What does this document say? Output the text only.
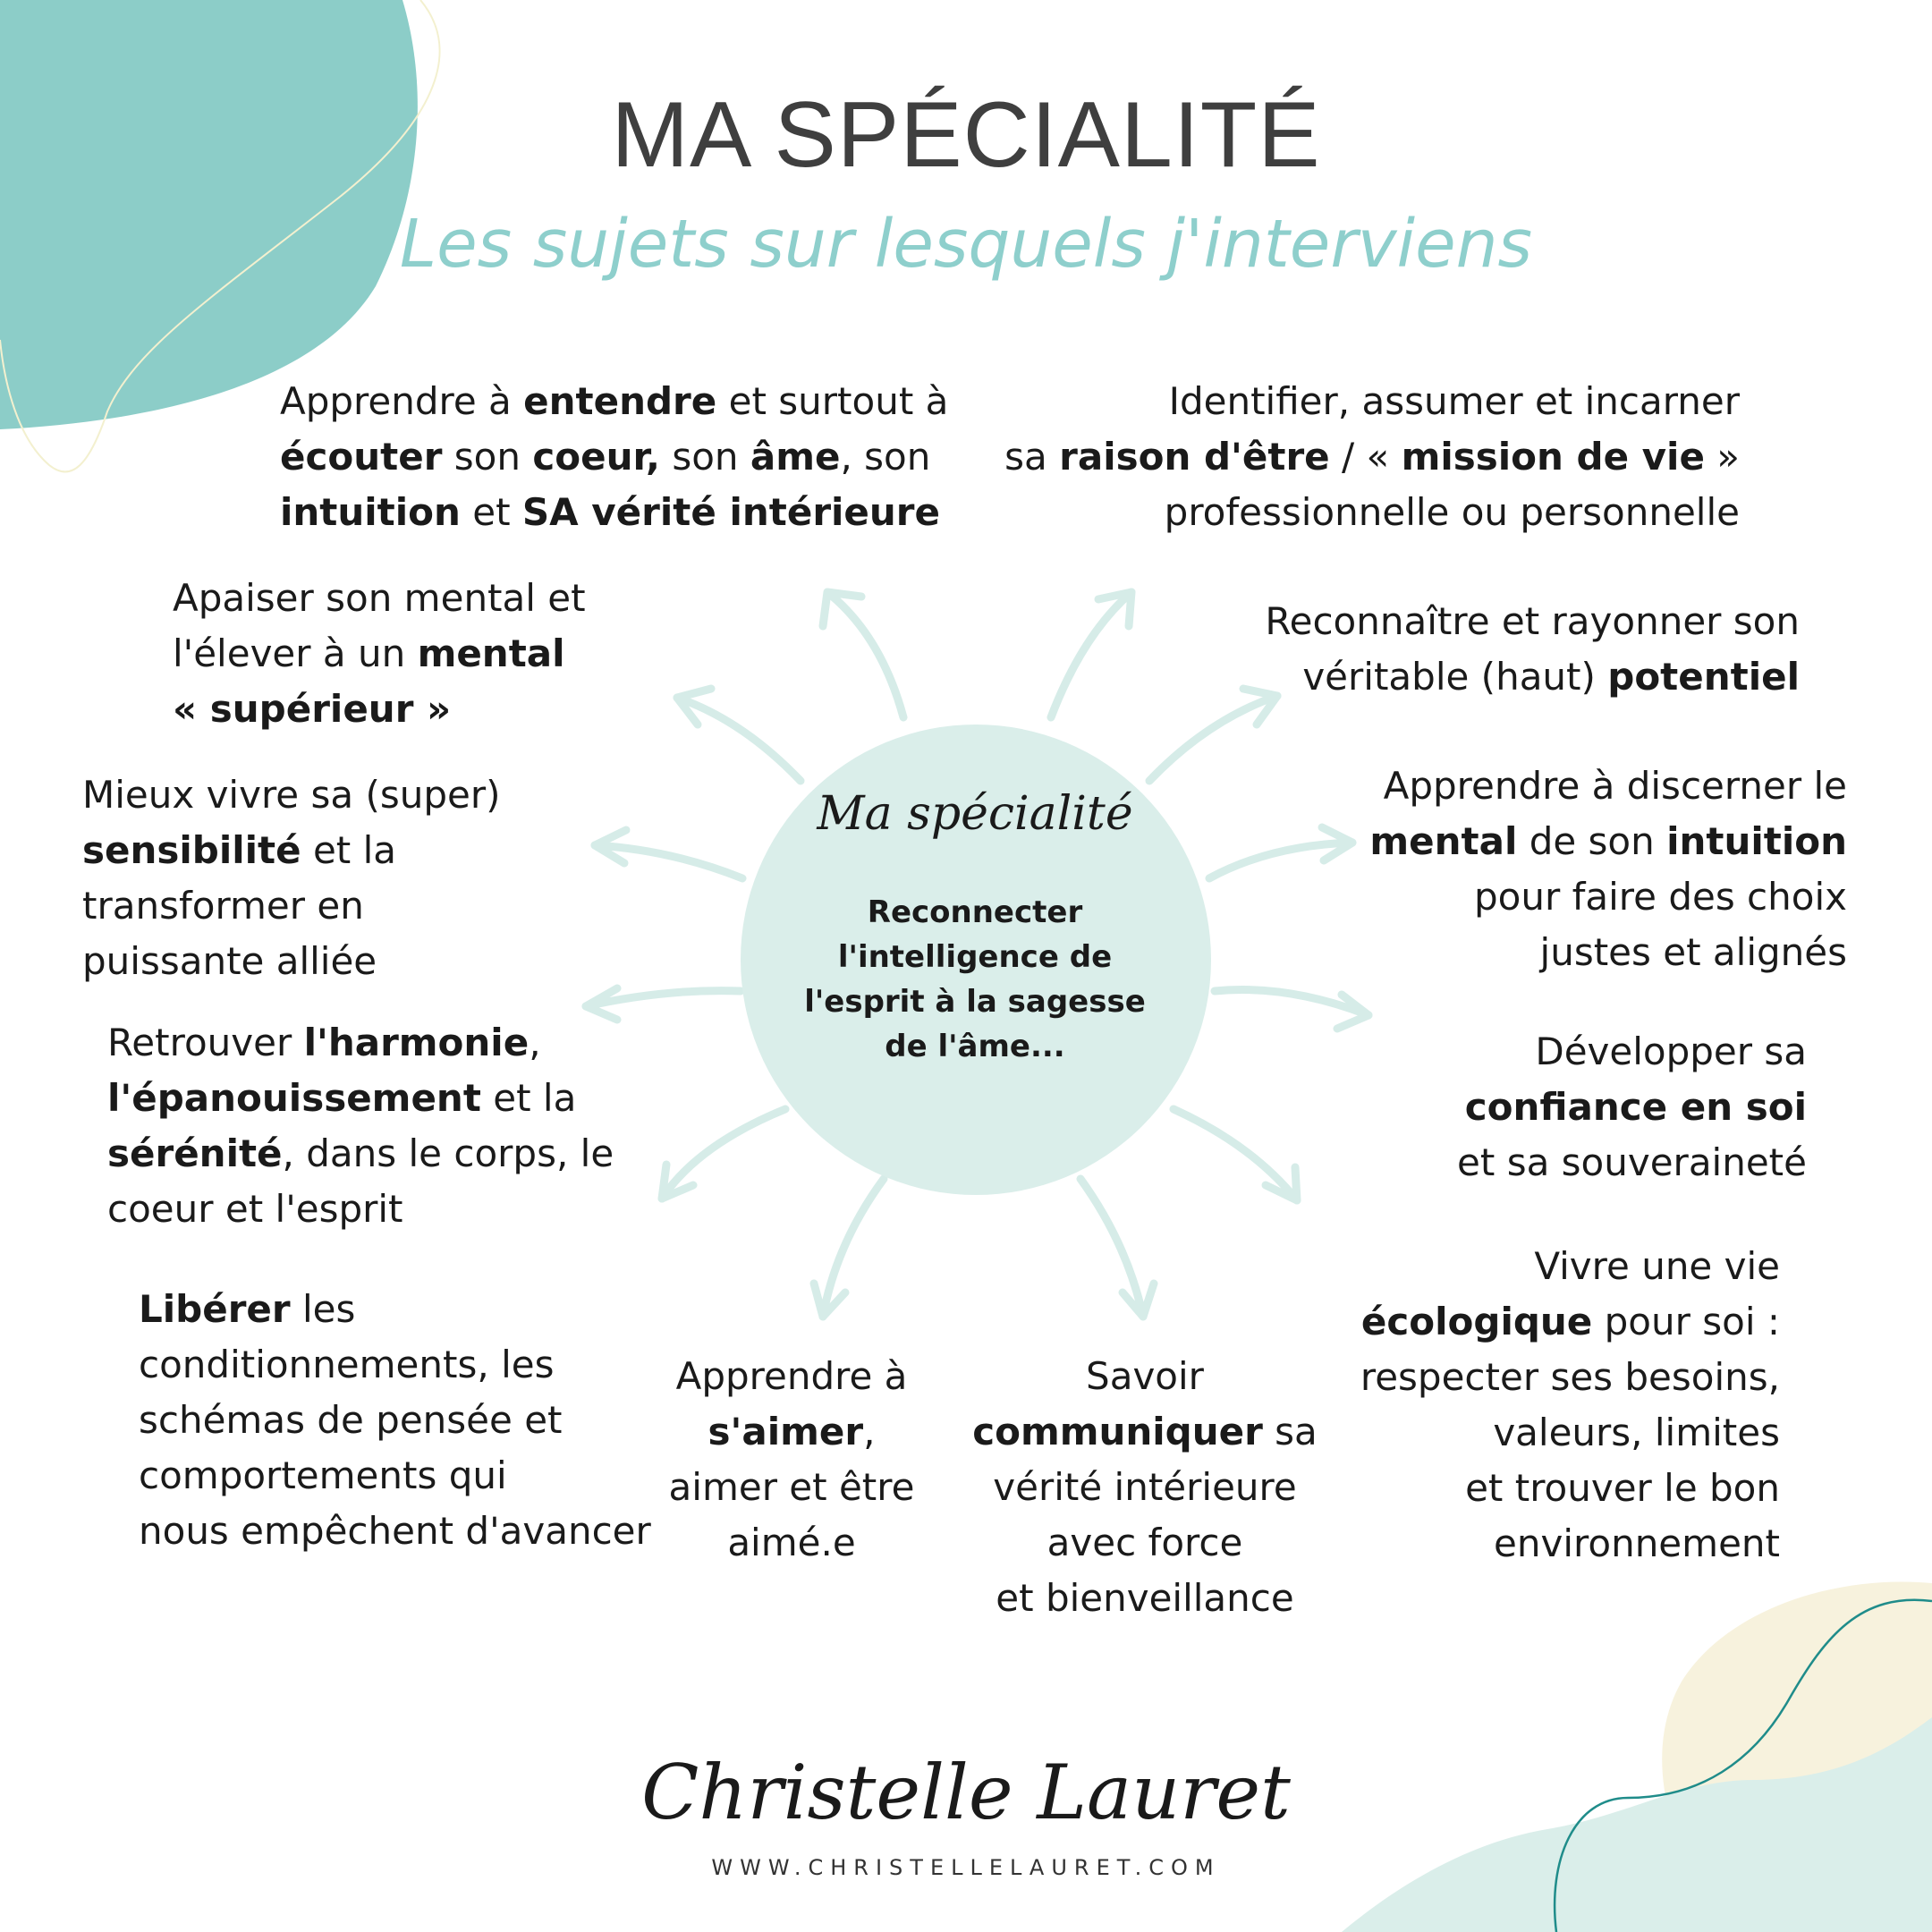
MA SPÉCIALITÉ
Les sujets sur lesquels j'interviens
Apprendre à entendre et surtout à
écouter son coeur, son âme, son
intuition et SA vérité intérieure
Identifier, assumer et incarner
sa raison d'être / « mission de vie »
professionnelle ou personnelle
Apaiser son mental et
l'élever à un mental
« supérieur »
Reconnaître et rayonner son
véritable (haut) potentiel
Mieux vivre sa (super)
sensibilité et la
transformer en
puissante alliée
Apprendre à discerner le
mental de son intuition
pour faire des choix
justes et alignés
Retrouver l'harmonie,
l'épanouissement et la
sérénité, dans le corps, le
coeur et l'esprit
Développer sa
confiance en soi
et sa souveraineté
Libérer les
conditionnements, les
schémas de pensée et
comportements qui
nous empêchent d'avancer
Apprendre à
s'aimer,
aimer et être
aimé.e
Savoir
communiquer sa
vérité intérieure
avec force
et bienveillance
Vivre une vie
écologique pour soi :
respecter ses besoins,
valeurs, limites
et trouver le bon
environnement
Ma spécialité
Reconnecter l'intelligence de l'esprit à la sagesse de l'âme...
Christelle Lauret
WWW.CHRISTELLELAURET.COM
